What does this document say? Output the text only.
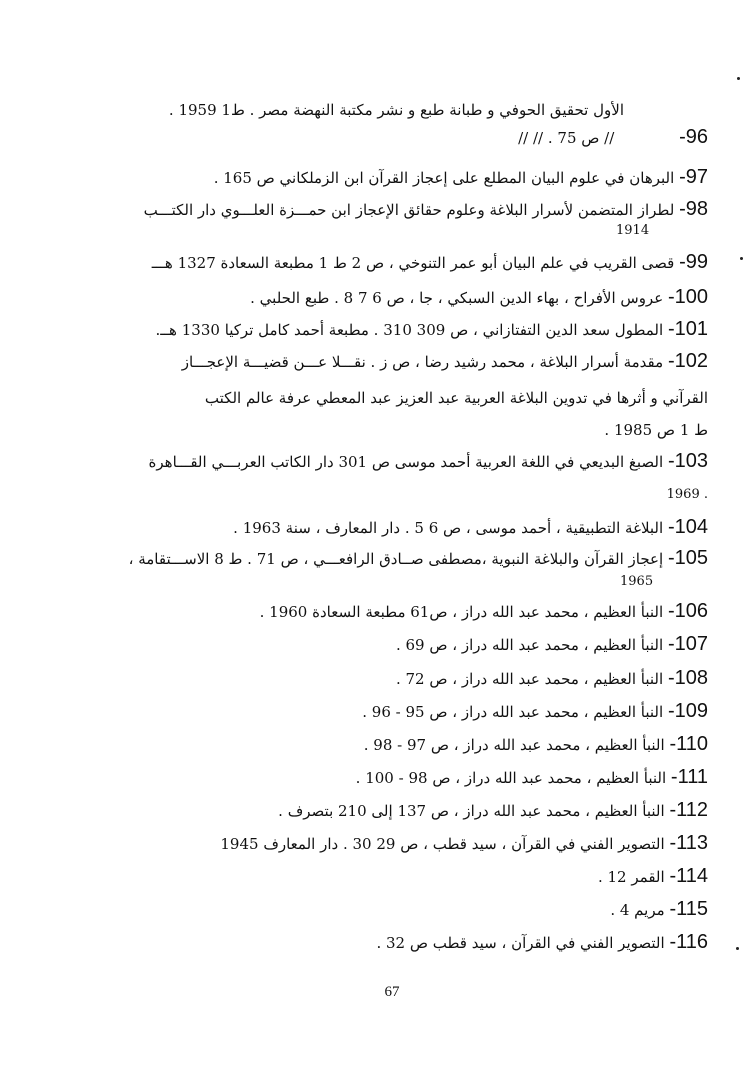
الأول تحقيق الحوفي و طبانة طبع و نشر مكتبة النهضة مصر . ط1 1959 .
96- // ص 75 . // //
97- البرهان في علوم البيان المطلع على إعجاز القرآن ابن الزملكاني ص 165 .
98- لطراز المتضمن لأسرار البلاغة وعلوم حقائق الإعجاز ابن حمـــزة العلـــوي دار الكتـــب
1914
99- قصى القريب في علم البيان أبو عمر التنوخي ، ص 2 ط 1 مطبعة السعادة 1327 هـــ
100- عروس الأفراح ، بهاء الدين السبكي ، جا ، ص 6 7 8 . طبع الحلبي .
101- المطول سعد الدين التفتازاني ، ص 309 310 . مطبعة أحمد كامل تركيا 1330 هــ.
102- مقدمة أسرار البلاغة ، محمد رشيد رضا ، ص ز . نقـــلا عـــن قضيـــة الإعجـــاز
القرآني و أثرها في تدوين البلاغة العربية عبد العزيز عبد المعطي عرفة عالم الكتب
ط 1 ص 1985 .
103- الصبغ البديعي في اللغة العربية أحمد موسى ص 301 دار الكاتب العربـــي القـــاهرة
1969 .
104- البلاغة التطبيقية ، أحمد موسى ، ص 6 5 . دار المعارف ، سنة 1963 .
105- إعجاز القرآن والبلاغة النبوية ،مصطفى صــادق الرافعـــي ، ص 71 . ط 8 الاســـتقامة ،
1965
106- النبأ العظيم ، محمد عبد الله دراز ، ص61 مطبعة السعادة 1960 .
107- النبأ العظيم ، محمد عبد الله دراز ، ص 69 .
108- النبأ العظيم ، محمد عبد الله دراز ، ص 72 .
109- النبأ العظيم ، محمد عبد الله دراز ، ص 95 - 96 .
110- النبأ العظيم ، محمد عبد الله دراز ، ص 97 - 98 .
111- النبأ العظيم ، محمد عبد الله دراز ، ص 98 - 100 .
112- النبأ العظيم ، محمد عبد الله دراز ، ص 137 إلى 210 بتصرف .
113- التصوير الفني في القرآن ، سيد قطب ، ص 29 30 . دار المعارف 1945
114- القمر 12 .
115- مريم 4 .
116- التصوير الفني في القرآن ، سيد قطب ص 32 .
67
